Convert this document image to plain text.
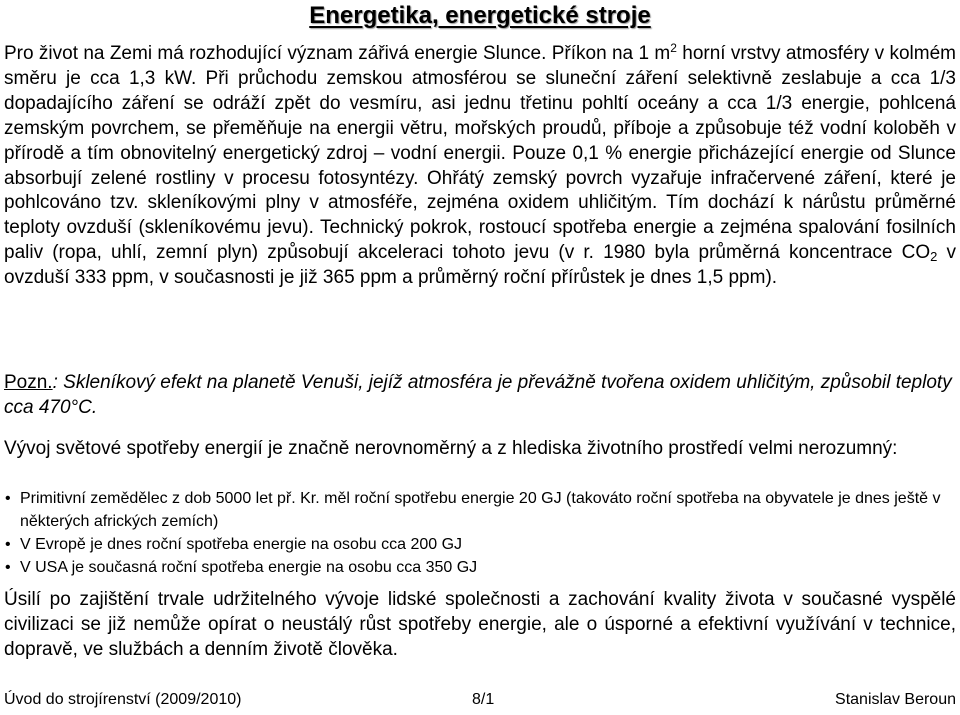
Energetika, energetické stroje

Pro život na Zemi má rozhodující význam zářivá energie Slunce. Příkon na 1 $m^2$ horní vrstvy atmosféry v kolmém směru je cca 1,3 kW. Při průchodu zemskou atmosférou se sluneční záření selektivně zeslabuje a cca 1/3 dopadajícího záření se odráží zpět do vesmíru, asi jednu třetinu pohltí oceány a cca 1/3 energie, pohlcená zemským povrchem, se přeměňuje na energii větru, mořských proudů, příboje a způsobuje též vodní koloběh v přírodě a tím obnovitelný energetický zdroj – vodní energii. Pouze 0,1 % energie přicházející energie od Slunce absorbují zelené rostliny v procesu fotosyntézy. Ohřátý zemský povrch vyzařuje infračervené záření, které je pohlcováno tzv. skleníkovými plny v atmosféře, zejména oxidem uhličitým. Tím dochází k nárůstu průměrné teploty ovzduší (skleníkovému jevu). Technický pokrok, rostoucí spotřeba energie a zejména spalování fosilních paliv (ropa, uhlí, zemní plyn) způsobují akceleraci tohoto jevu (v r. 1980 byla průměrná koncentrace $CO_2$ v ovzduší 333 ppm, v současnosti je již 365 ppm a průměrný roční přírůstek je dnes 1,5 ppm).

Pozn.: Skleníkový efekt na planetě Venuši, jejíž atmosféra je převážně tvořena oxidem uhličitým, způsobil teploty cca 470°C.

Vývoj světové spotřeby energií je značně nerovnoměrný a z hlediska životního prostředí velmi nerozumný:

• Primitivní zemědělec z dob 5000 let př. Kr. měl roční spotřebu energie 20 GJ (takováto roční spotřeba na obyvatele je dnes ještě v některých afrických zemích)
• V Evropě je dnes roční spotřeba energie na osobu cca 200 GJ
• V USA je současná roční spotřeba energie na osobu cca 350 GJ

Úsilí po zajištění trvale udržitelného vývoje lidské společnosti a zachování kvality života v současné vyspělé civilizaci se již nemůže opírat o neustálý růst spotřeby energie, ale o úsporné a efektivní využívání v technice, dopravě, ve službách a denním životě člověka.

Úvod do strojírenství (2009/2010)	8/1	Stanislav Beroun
